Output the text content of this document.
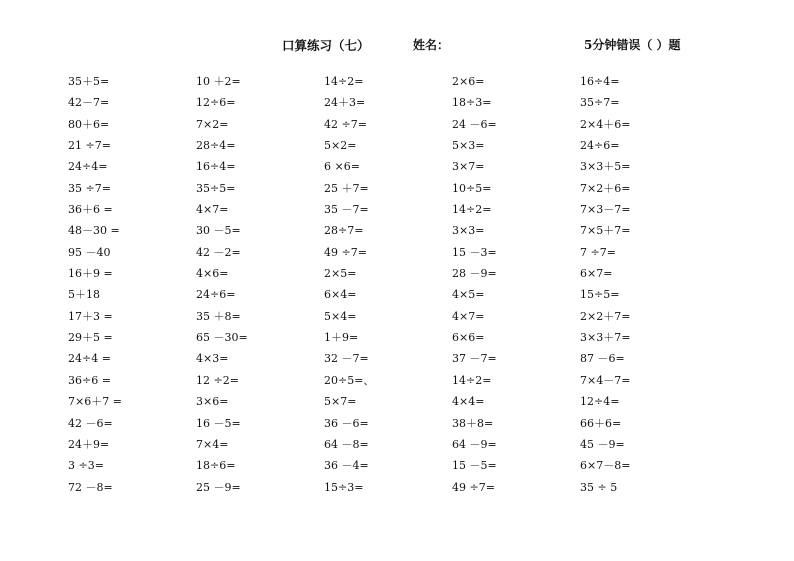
口算练习（七）	姓名：	5分钟错误（ ）题
35＋5=
42－7=
80＋6=
21 ÷7=
24÷4=
35 ÷7=
36＋6 =
48－30 =
95 －40
16＋9 =
5＋18
17＋3 =
29＋5 =
24÷4 =
36÷6 =
7×6＋7 =
42 －6=
24＋9=
3 ÷3=
72 －8=
10 ＋2=
12÷6=
7×2=
28÷4=
16÷4=
35÷5=
4×7=
30 －5=
42 －2=
4×6=
24÷6=
35 ＋8=
65 －30=
4×3=
12 ÷2=
3×6=
16 －5=
7×4=
18÷6=
25 －9=
14÷2=
24＋3=
42 ÷7=
5×2=
6 ×6=
25 ＋7=
35 －7=
28÷7=
49 ÷7=
2×5=
6×4=
5×4=
1＋9=
32 －7=
20÷5=、
5×7=
36 －6=
64 －8=
36 －4=
15÷3=
2×6=
18÷3=
24 －6=
5×3=
3×7=
10÷5=
14÷2=
3×3=
15 －3=
28 －9=
4×5=
4×7=
6×6=
37 －7=
14÷2=
4×4=
38＋8=
64 －9=
15 －5=
49 ÷7=
16÷4=
35÷7=
2×4＋6=
24÷6=
3×3＋5=
7×2＋6=
7×3－7=
7×5＋7=
7 ÷7=
6×7=
15÷5=
2×2＋7=
3×3＋7=
87 －6=
7×4－7=
12÷4=
66＋6=
45 －9=
6×7－8=
35 ÷ 5
